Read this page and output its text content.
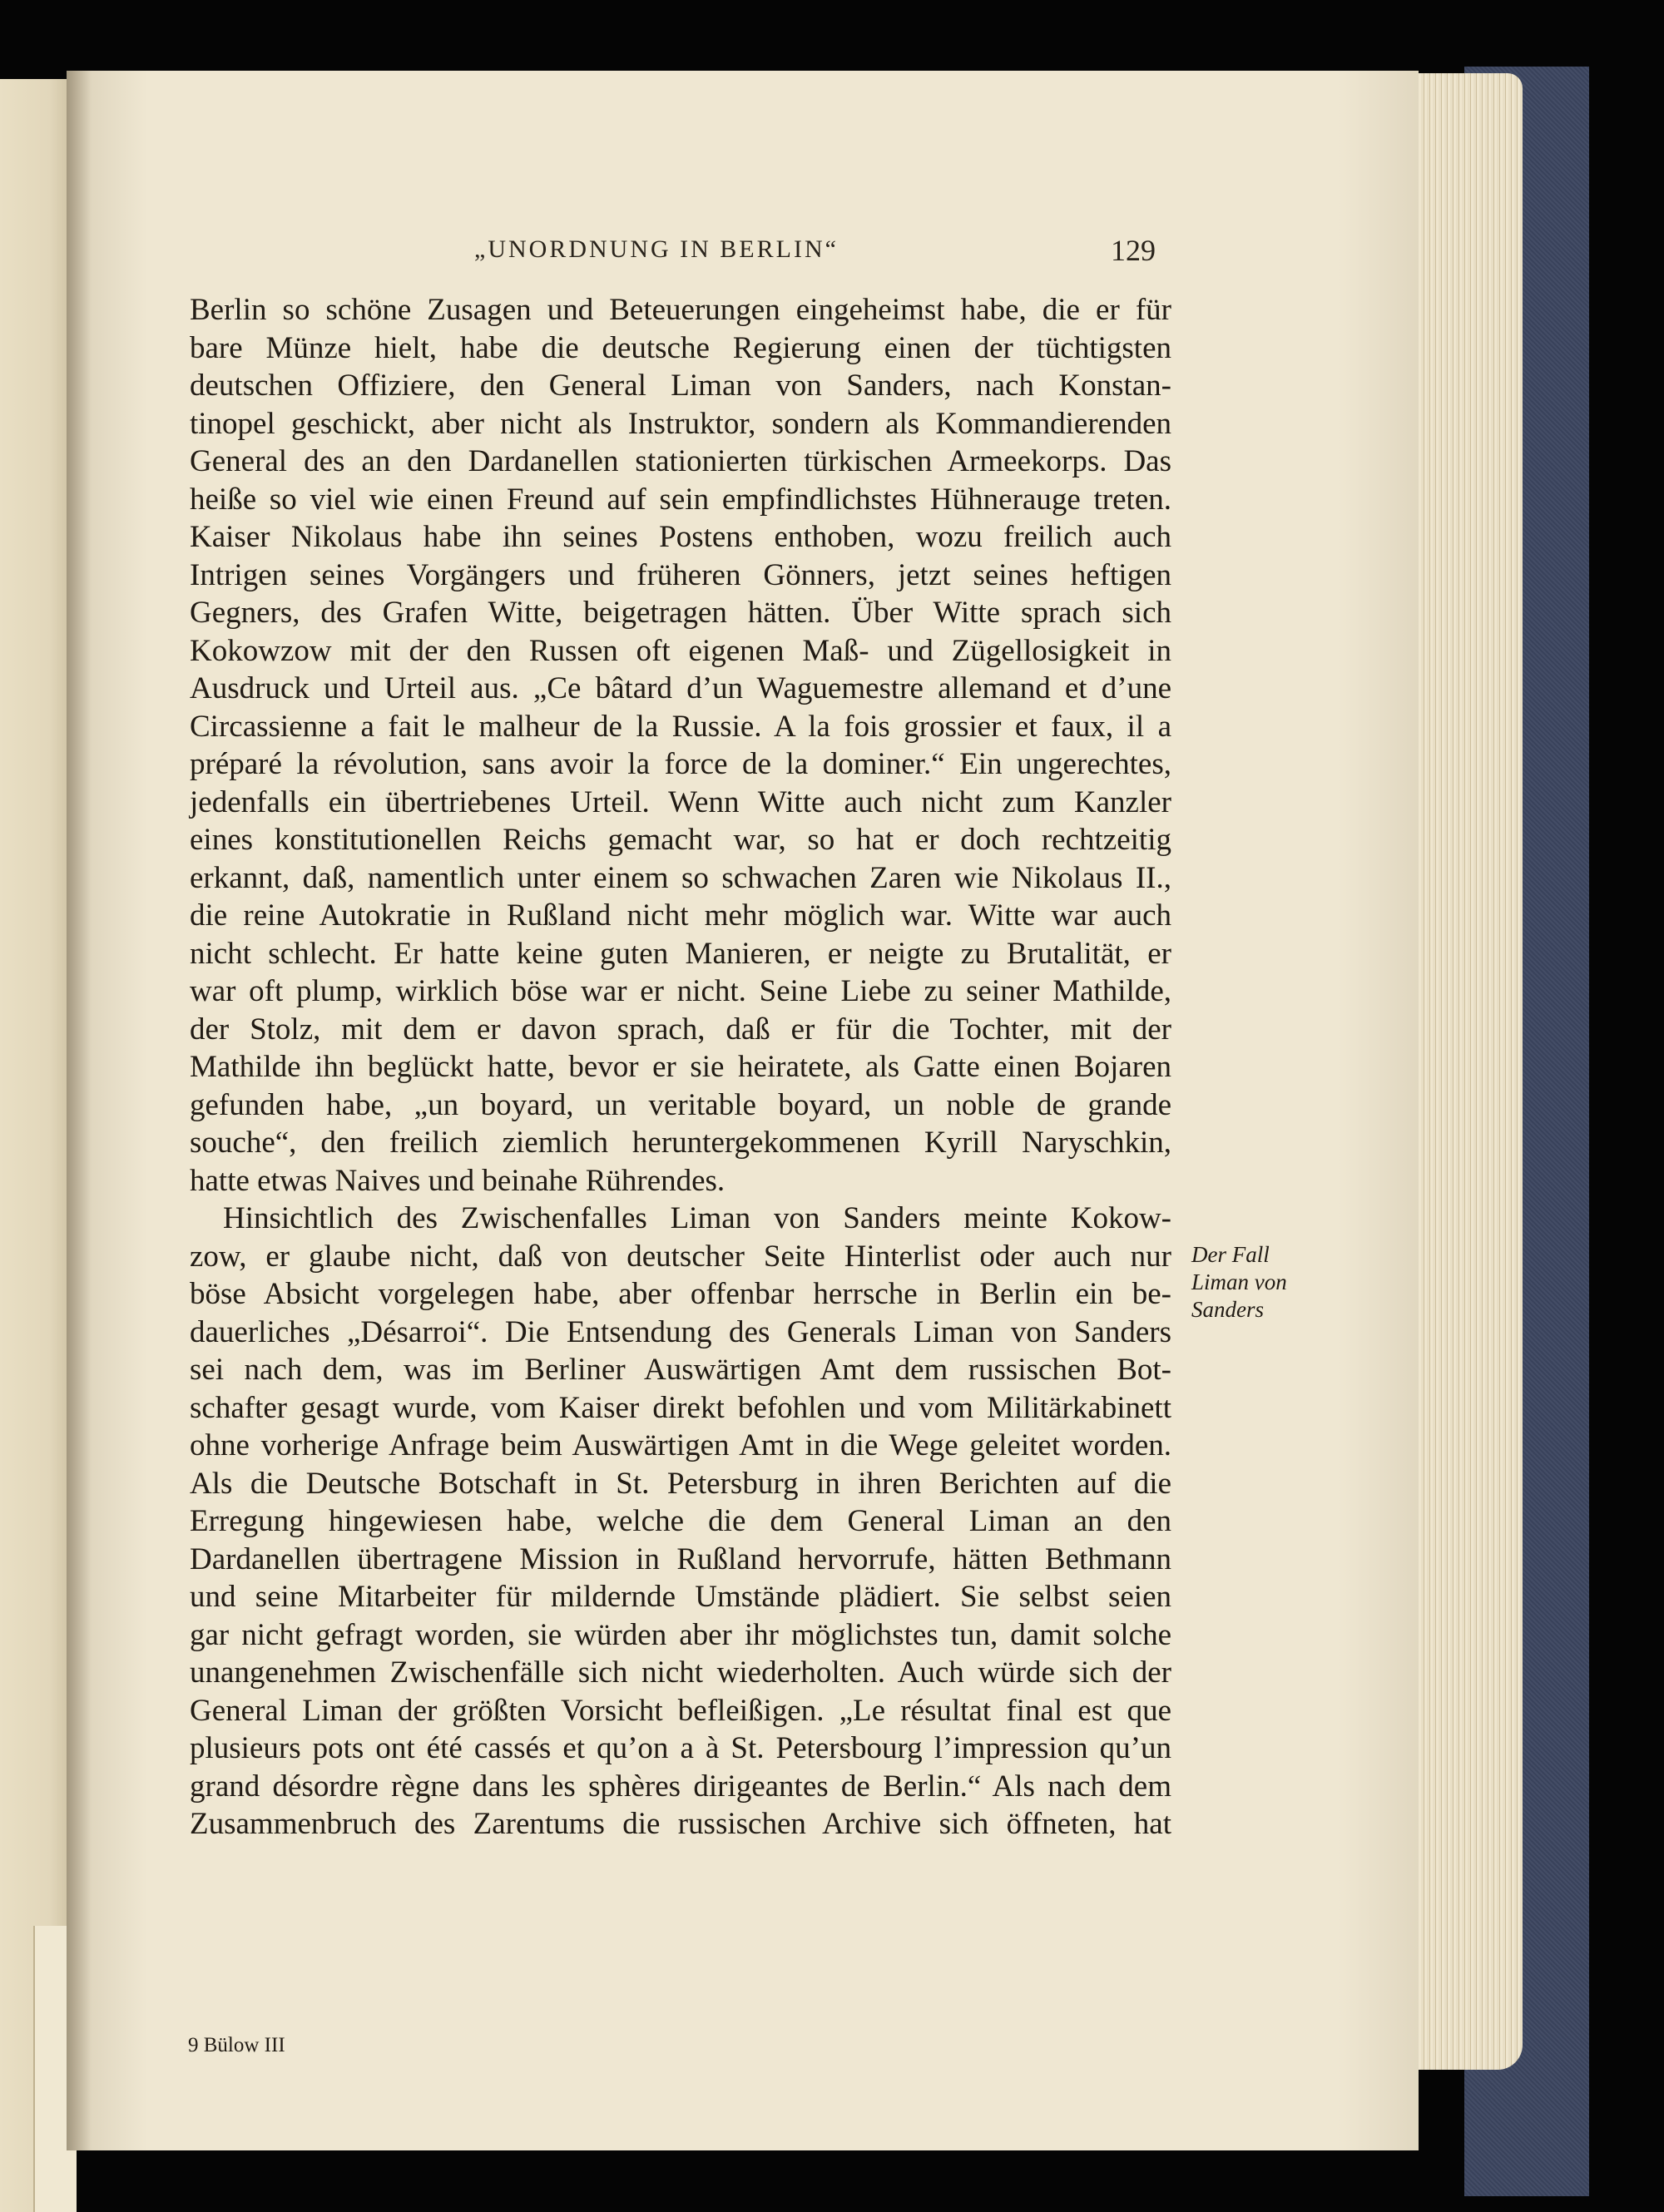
„UNORDNUNG IN BERLIN“	129
Berlin so schöne Zusagen und Beteuerungen eingeheimst habe, die er für
bare Münze hielt, habe die deutsche Regierung einen der tüchtigsten
deutschen Offiziere, den General Liman von Sanders, nach Konstan-
tinopel geschickt, aber nicht als Instruktor, sondern als Kommandierenden
General des an den Dardanellen stationierten türkischen Armeekorps. Das
heiße so viel wie einen Freund auf sein empfindlichstes Hühnerauge treten.
Kaiser Nikolaus habe ihn seines Postens enthoben, wozu freilich auch
Intrigen seines Vorgängers und früheren Gönners, jetzt seines heftigen
Gegners, des Grafen Witte, beigetragen hätten. Über Witte sprach sich
Kokowzow mit der den Russen oft eigenen Maß- und Zügellosigkeit in
Ausdruck und Urteil aus. „Ce bâtard d’un Waguemestre allemand et d’une
Circassienne a fait le malheur de la Russie. A la fois grossier et faux, il a
préparé la révolution, sans avoir la force de la dominer.“ Ein ungerechtes,
jedenfalls ein übertriebenes Urteil. Wenn Witte auch nicht zum Kanzler
eines konstitutionellen Reichs gemacht war, so hat er doch rechtzeitig
erkannt, daß, namentlich unter einem so schwachen Zaren wie Nikolaus II.,
die reine Autokratie in Rußland nicht mehr möglich war. Witte war auch
nicht schlecht. Er hatte keine guten Manieren, er neigte zu Brutalität, er
war oft plump, wirklich böse war er nicht. Seine Liebe zu seiner Mathilde,
der Stolz, mit dem er davon sprach, daß er für die Tochter, mit der
Mathilde ihn beglückt hatte, bevor er sie heiratete, als Gatte einen Bojaren
gefunden habe, „un boyard, un veritable boyard, un noble de grande
souche“, den freilich ziemlich heruntergekommenen Kyrill Naryschkin,
hatte etwas Naives und beinahe Rührendes.
Hinsichtlich des Zwischenfalles Liman von Sanders meinte Kokow-
zow, er glaube nicht, daß von deutscher Seite Hinterlist oder auch nur
böse Absicht vorgelegen habe, aber offenbar herrsche in Berlin ein be-
dauerliches „Désarroi“. Die Entsendung des Generals Liman von Sanders
sei nach dem, was im Berliner Auswärtigen Amt dem russischen Bot-
schafter gesagt wurde, vom Kaiser direkt befohlen und vom Militärkabinett
ohne vorherige Anfrage beim Auswärtigen Amt in die Wege geleitet worden.
Als die Deutsche Botschaft in St. Petersburg in ihren Berichten auf die
Erregung hingewiesen habe, welche die dem General Liman an den
Dardanellen übertragene Mission in Rußland hervorrufe, hätten Bethmann
und seine Mitarbeiter für mildernde Umstände plädiert. Sie selbst seien
gar nicht gefragt worden, sie würden aber ihr möglichstes tun, damit solche
unangenehmen Zwischenfälle sich nicht wiederholten. Auch würde sich der
General Liman der größten Vorsicht befleißigen. „Le résultat final est que
plusieurs pots ont été cassés et qu’on a à St. Petersbourg l’impression qu’un
grand désordre règne dans les sphères dirigeantes de Berlin.“ Als nach dem
Zusammenbruch des Zarentums die russischen Archive sich öffneten, hat
Der Fall
Liman von
Sanders
9 Bülow III
